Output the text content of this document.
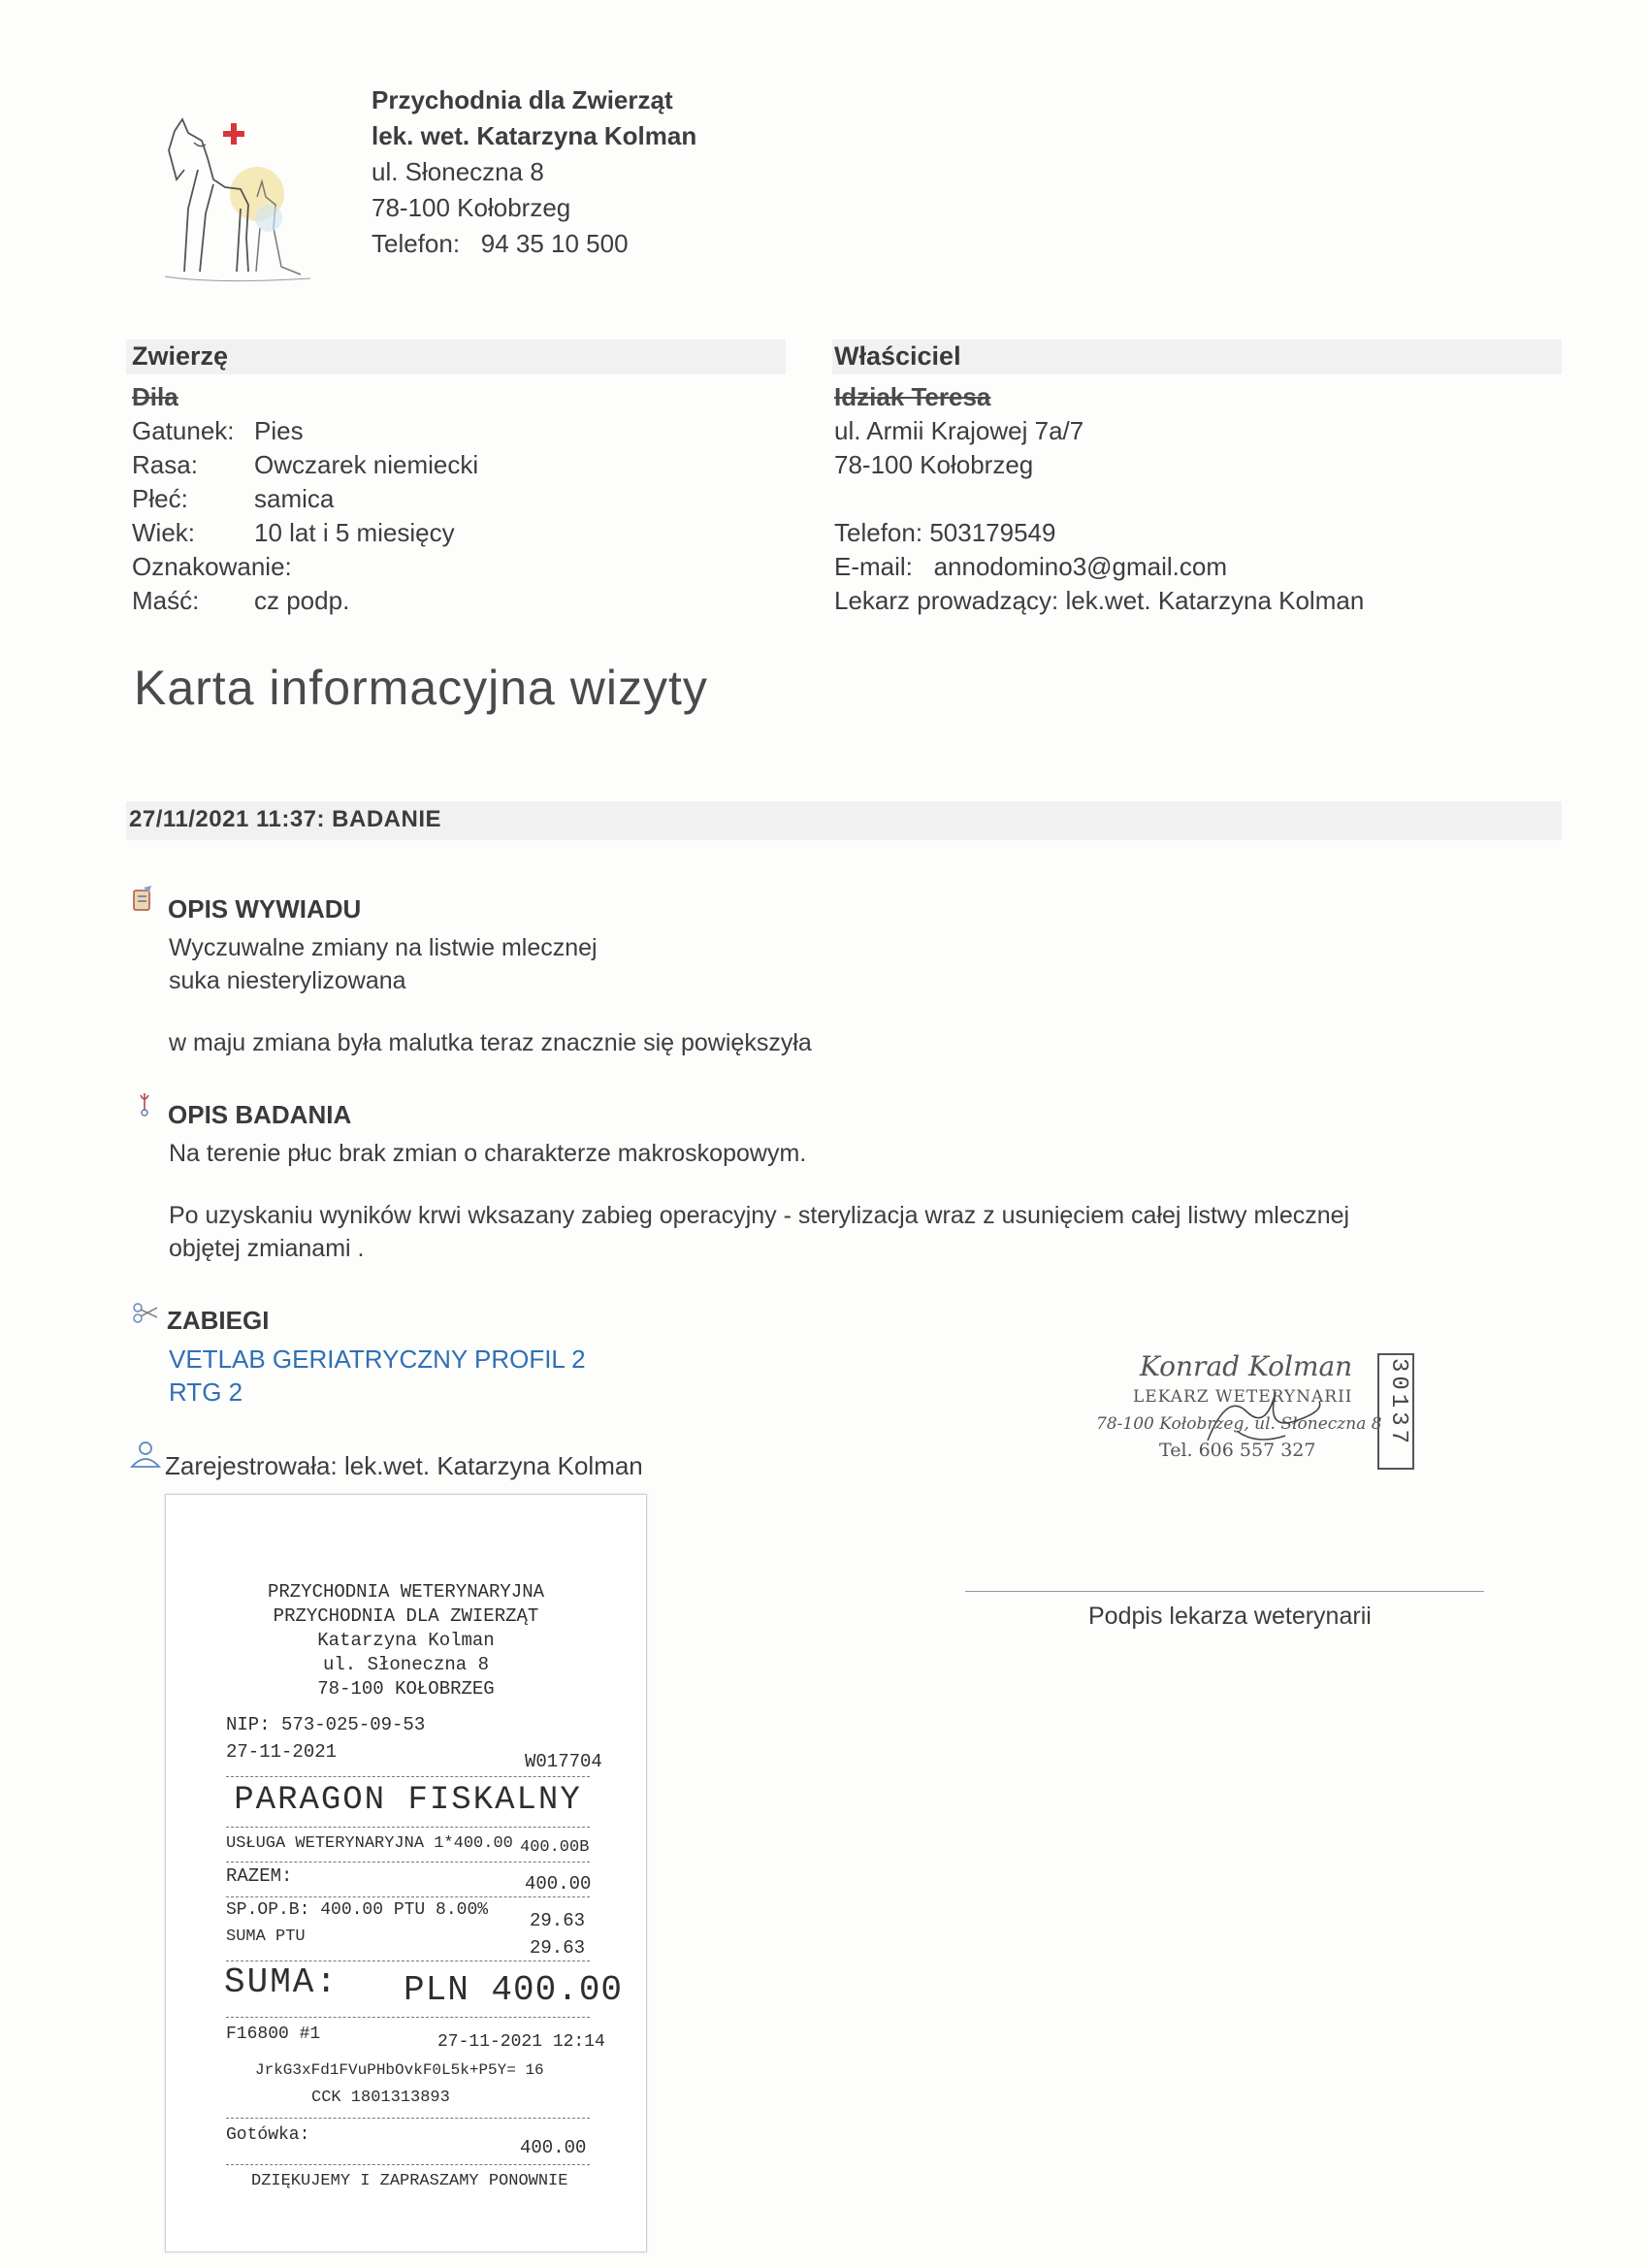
Przychodnia dla Zwierząt
lek. wet. Katarzyna Kolman
ul. Słoneczna 8
78-100 Kołobrzeg
Telefon: 94 35 10 500
Zwierzę
Dila
Gatunek: Pies
Rasa: Owczarek niemiecki
Płeć:	samica
Wiek: 10 lat i 5 miesięcy
Oznakowanie:
Maść: cz podp.
Właściciel
Idziak Teresa
ul. Armii Krajowej 7a/7
78-100 Kołobrzeg
Telefon: 503179549
E-mail: annodomino3@gmail.com
Lekarz prowadzący: lek.wet. Katarzyna Kolman
Karta informacyjna wizyty
27/11/2021 11:37: BADANIE
OPIS WYWIADU
Wyczuwalne zmiany na listwie mlecznej
suka niesterylizowana
w maju zmiana była malutka teraz znacznie się powiększyła
OPIS BADANIA
Na terenie płuc brak zmian o charakterze makroskopowym.
Po uzyskaniu wyników krwi wksazany zabieg operacyjny - sterylizacja wraz z usunięciem całej listwy mlecznej
objętej zmianami .
ZABIEGI
VETLAB GERIATRYCZNY PROFIL 2
RTG 2
Zarejestrowała: lek.wet. Katarzyna Kolman
Konrad Kolman
LEKARZ WETERYNARII
78-100 Kołobrzeg, ul. Słoneczna 8
Tel. 606 557 327
30137
Podpis lekarza weterynarii
PRZYCHODNIA WETERYNARYJNA
PRZYCHODNIA DLA ZWIERZĄT
Katarzyna Kolman
ul. Słoneczna 8
78-100 KOŁOBRZEG
NIP: 573-025-09-53
27-11-2021	W017704
PARAGON FISKALNY
USŁUGA WETERYNARYJNA 1*400.00 400.00B
RAZEM:	400.00
SP.OP.B: 400.00 PTU 8.00% 29.63
SUMA PTU
29.63
SUMA: PLN 400.00
F16800 #1	27-11-2021 12:14
JrkG3xFd1FVuPHbOvkF0L5k+P5Y= 16
CCK 1801313893
Gotówka:
400.00
DZIĘKUJEMY I ZAPRASZAMY PONOWNIE
